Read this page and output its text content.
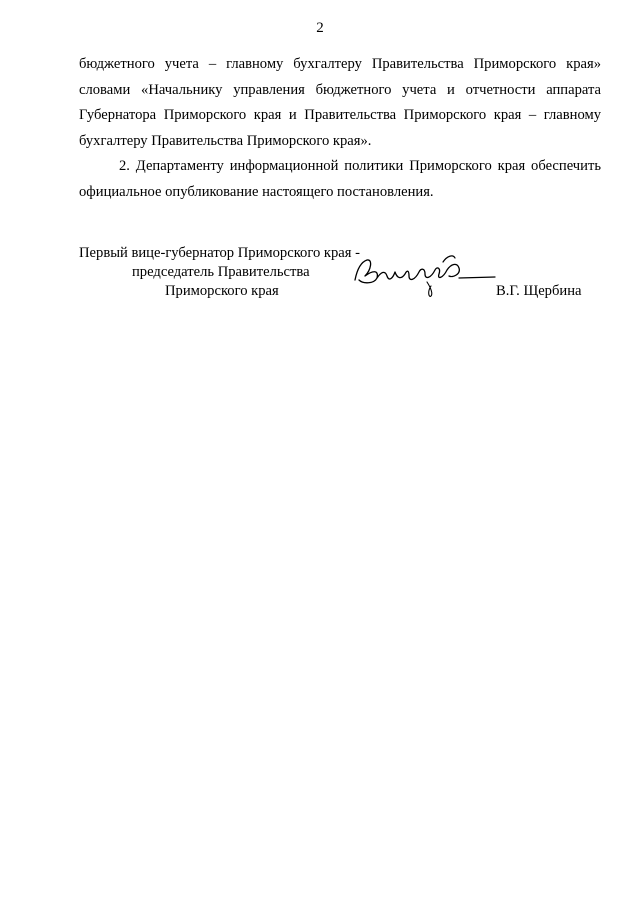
2

бюджетного учета – главному бухгалтеру Правительства Приморского края» словами «Начальнику управления бюджетного учета и отчетности аппарата Губернатора Приморского края и Правительства Приморского края – главному бухгалтеру Правительства Приморского края».

2. Департаменту информационной политики Приморского края обеспечить официальное опубликование настоящего постановления.

Первый вице-губернатор Приморского края -
председатель Правительства
Приморского края	В.Г. Щербина
